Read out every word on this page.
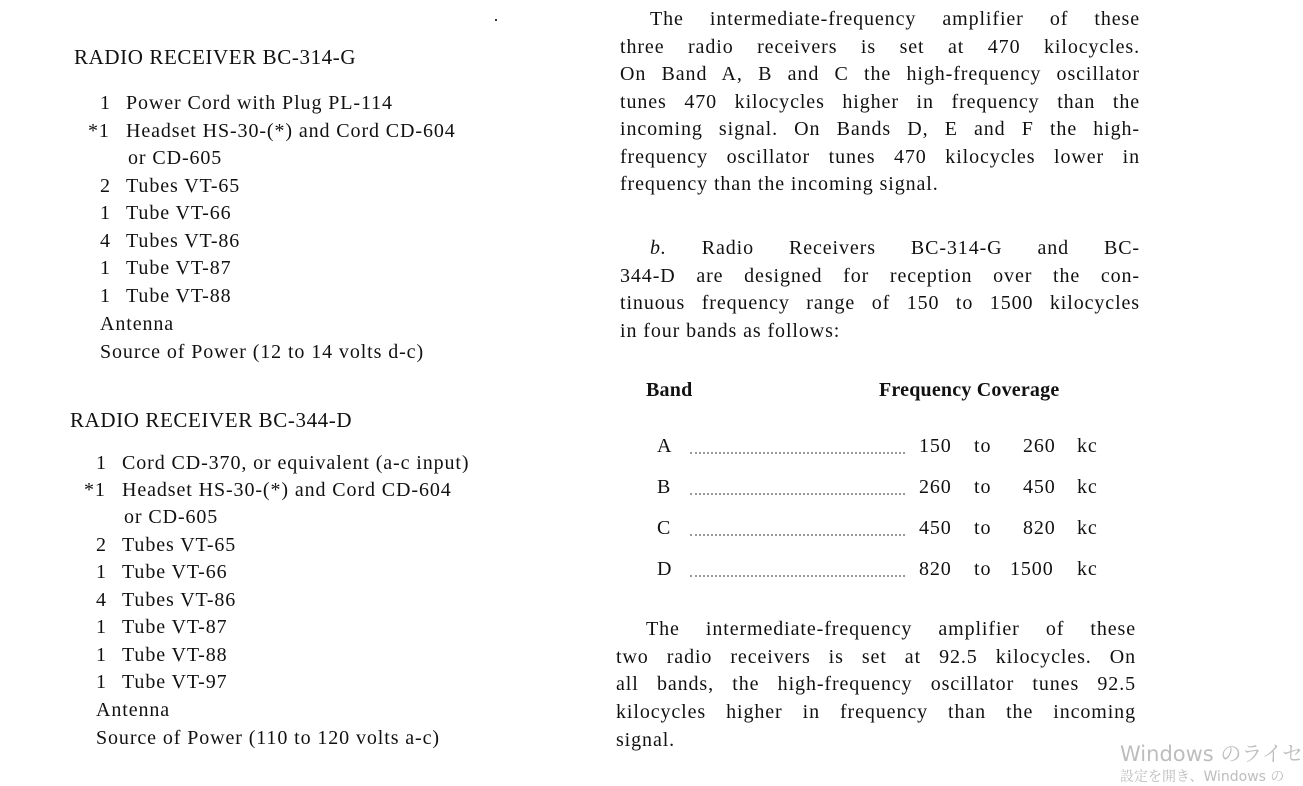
RADIO RECEIVER BC-314-G
1 Power Cord with Plug PL-114
*1 Headset HS-30-(*) and Cord CD-604
or CD-605
2 Tubes VT-65
1 Tube VT-66
4 Tubes VT-86
1 Tube VT-87
1 Tube VT-88
Antenna
Source of Power (12 to 14 volts d-c)
RADIO RECEIVER BC-344-D
1 Cord CD-370, or equivalent (a-c input)
*1 Headset HS-30-(*) and Cord CD-604
or CD-605
2 Tubes VT-65
1 Tube VT-66
4 Tubes VT-86
1 Tube VT-87
1 Tube VT-88
1 Tube VT-97
Antenna
Source of Power (110 to 120 volts a-c)
The intermediate-frequency amplifier of these
three radio receivers is set at 470 kilocycles.
On Band A, B and C the high-frequency oscillator
tunes 470 kilocycles higher in frequency than the
incoming signal. On Bands D, E and F the high-
frequency oscillator tunes 470 kilocycles lower in
frequency than the incoming signal.
b. Radio Receivers BC-314-G and BC-
344-D are designed for reception over the con-
tinuous frequency range of 150 to 1500 kilocycles
in four bands as follows:
Band	Frequency Coverage
A	150 to 260 kc
B	260 to 450 kc
C	450 to 820 kc
D	820 to 1500 kc
The intermediate-frequency amplifier of these
two radio receivers is set at 92.5 kilocycles. On
all bands, the high-frequency oscillator tunes 92.5
kilocycles higher in frequency than the incoming
signal.
Windows のライセ
設定を開き、Windows の
